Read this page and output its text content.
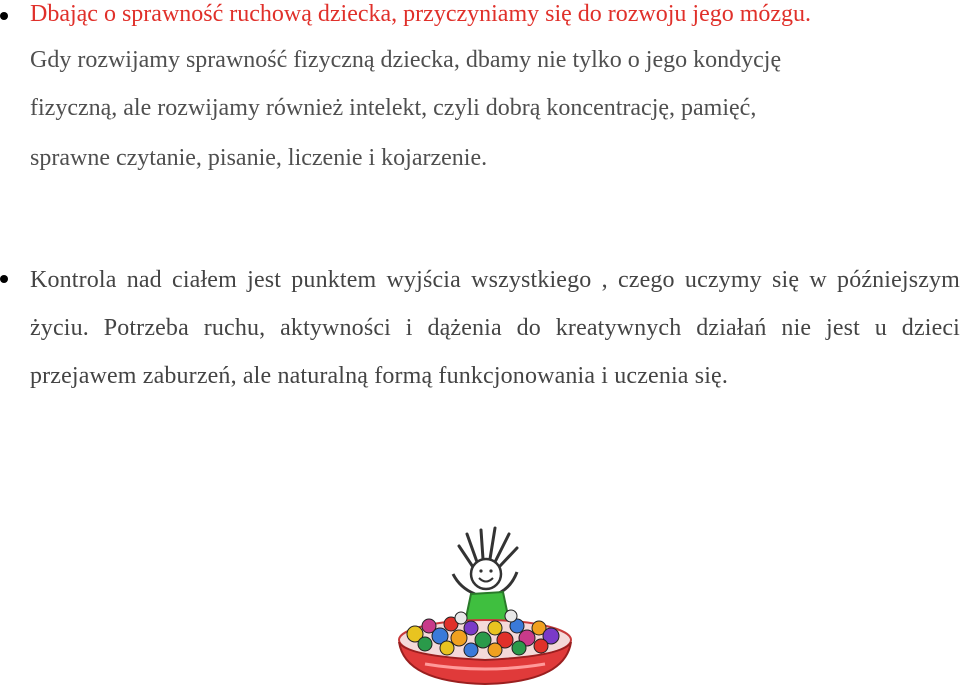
Dbając o sprawność ruchową dziecka, przyczyniamy się do rozwoju jego mózgu.
Gdy rozwijamy sprawność fizyczną dziecka, dbamy nie tylko o jego kondycję
fizyczną, ale rozwijamy również intelekt, czyli dobrą koncentrację, pamięć,
sprawne czytanie, pisanie, liczenie i kojarzenie.

Kontrola nad ciałem jest punktem wyjścia wszystkiego , czego uczymy się w późniejszym życiu. Potrzeba ruchu, aktywności i dążenia do kreatywnych działań nie jest u dzieci przejawem zaburzeń, ale naturalną formą funkcjonowania i uczenia się.
